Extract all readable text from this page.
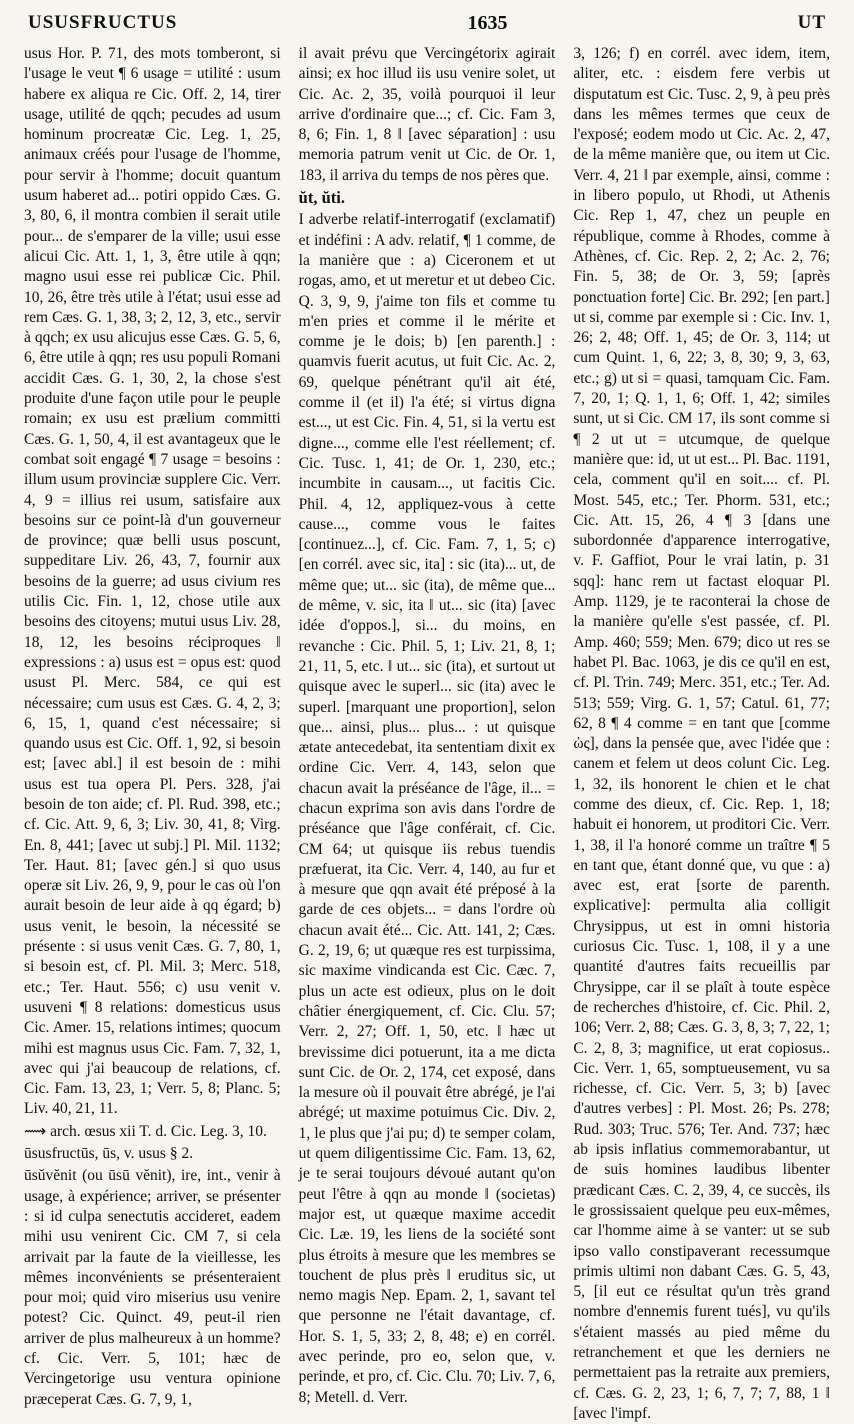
USUSFRUCTUS	1635	UT

usus Hor. P. 71, des mots tomberont, si l'usage le veut ¶ 6 usage = utilité : usum habere ex aliqua re Cic. Off. 2, 14, tirer usage, utilité de qqch; pecudes ad usum hominum procreatæ Cic. Leg. 1, 25, animaux créés pour l'usage de l'homme, pour servir à l'homme; docuit quantum usum haberet ad... potiri oppido Cæs. G. 3, 80, 6, il montra combien il serait utile pour... de s'emparer de la ville; usui esse alicui Cic. Att. 1, 1, 3, être utile à qqn; magno usui esse rei publicæ Cic. Phil. 10, 26, être très utile à l'état; usui esse ad rem Cæs. G. 1, 38, 3; 2, 12, 3, etc., servir à qqch; ex usu alicujus esse Cæs. G. 5, 6, 6, être utile à qqn; res usu populi Romani accidit Cæs. G. 1, 30, 2, la chose s'est produite d'une façon utile pour le peuple romain; ex usu est prælium committi Cæs. G. 1, 50, 4, il est avantageux que le combat soit engagé ¶ 7 usage = besoins : illum usum provinciæ supplere Cic. Verr. 4, 9 = illius rei usum, satisfaire aux besoins sur ce point-là d'un gouverneur de province; quæ belli usus poscunt, suppeditare Liv. 26, 43, 7, fournir aux besoins de la guerre; ad usus civium res utilis Cic. Fin. 1, 12, chose utile aux besoins des citoyens; mutui usus Liv. 28, 18, 12, les besoins réciproques ‖ expressions : a) usus est = opus est: quod usust Pl. Merc. 584, ce qui est nécessaire; cum usus est Cæs. G. 4, 2, 3; 6, 15, 1, quand c'est nécessaire; si quando usus est Cic. Off. 1, 92, si besoin est; [avec abl.] il est besoin de : mihi usus est tua opera Pl. Pers. 328, j'ai besoin de ton aide; cf. Pl. Rud. 398, etc.; cf. Cic. Att. 9, 6, 3; Liv. 30, 41, 8; Virg. En. 8, 441; [avec ut subj.] Pl. Mil. 1132; Ter. Haut. 81; [avec gén.] si quo usus operæ sit Liv. 26, 9, 9, pour le cas où l'on aurait besoin de leur aide à qq égard; b) usus venit, le besoin, la nécessité se présente : si usus venit Cæs. G. 7, 80, 1, si besoin est, cf. Pl. Mil. 3; Merc. 518, etc.; Ter. Haut. 556; c) usu venit v. usuveni ¶ 8 relations: domesticus usus Cic. Amer. 15, relations intimes; quocum mihi est magnus usus Cic. Fam. 7, 32, 1, avec qui j'ai beaucoup de relations, cf. Cic. Fam. 13, 23, 1; Verr. 5, 8; Planc. 5; Liv. 40, 21, 11.

⟿ arch. œsus xii T. d. Cic. Leg. 3, 10.

ūsusfructūs, ūs, v. usus § 2.

ūsŭvĕnit (ou ūsū vĕnit), ire, int., venir à usage, à expérience; arriver, se présenter : si id culpa senectutis accideret, eadem mihi usu venirent Cic. CM 7, si cela arrivait par la faute de la vieillesse, les mêmes inconvénients se présenteraient pour moi; quid viro miserius usu venire potest? Cic. Quinct. 49, peut-il rien arriver de plus malheureux à un homme? cf. Cic. Verr. 5, 101; hæc de Vercingetorige usu ventura opinione præceperat Cæs. G. 7, 9, 1,

il avait prévu que Vercingétorix agirait ainsi; ex hoc illud iis usu venire solet, ut Cic. Ac. 2, 35, voilà pourquoi il leur arrive d'ordinaire que...; cf. Cic. Fam 3, 8, 6; Fin. 1, 8 ‖ [avec séparation] : usu memoria patrum venit ut Cic. de Or. 1, 183, il arriva du temps de nos pères que.

ŭt, ŭti.

I adverbe relatif-interrogatif (exclamatif) et indéfini : A adv. relatif, ¶ 1 comme, de la manière que : a) Ciceronem et ut rogas, amo, et ut meretur et ut debeo Cic. Q. 3, 9, 9, j'aime ton fils et comme tu m'en pries et comme il le mérite et comme je le dois; b) [en parenth.] : quamvis fuerit acutus, ut fuit Cic. Ac. 2, 69, quelque pénétrant qu'il ait été, comme il (et il) l'a été; si virtus digna est..., ut est Cic. Fin. 4, 51, si la vertu est digne..., comme elle l'est réellement; cf. Cic. Tusc. 1, 41; de Or. 1, 230, etc.; incumbite in causam..., ut facitis Cic. Phil. 4, 12, appliquez-vous à cette cause..., comme vous le faites [continuez...], cf. Cic. Fam. 7, 1, 5; c) [en corrél. avec sic, ita] : sic (ita)... ut, de même que; ut... sic (ita), de même que... de même, v. sic, ita ‖ ut... sic (ita) [avec idée d'oppos.], si... du moins, en revanche : Cic. Phil. 5, 1; Liv. 21, 8, 1; 21, 11, 5, etc. ‖ ut... sic (ita), et surtout ut quisque avec le superl... sic (ita) avec le superl. [marquant une proportion], selon que... ainsi, plus... plus... : ut quisque ætate antecedebat, ita sententiam dixit ex ordine Cic. Verr. 4, 143, selon que chacun avait la préséance de l'âge, il... = chacun exprima son avis dans l'ordre de préséance que l'âge conférait, cf. Cic. CM 64; ut quisque iis rebus tuendis præfuerat, ita Cic. Verr. 4, 140, au fur et à mesure que qqn avait été préposé à la garde de ces objets... = dans l'ordre où chacun avait été... Cic. Att. 141, 2; Cæs. G. 2, 19, 6; ut quæque res est turpissima, sic maxime vindicanda est Cic. Cæc. 7, plus un acte est odieux, plus on le doit châtier énergiquement, cf. Cic. Clu. 57; Verr. 2, 27; Off. 1, 50, etc. ‖ hæc ut brevissime dici potuerunt, ita a me dicta sunt Cic. de Or. 2, 174, cet exposé, dans la mesure où il pouvait être abrégé, je l'ai abrégé; ut maxime potuimus Cic. Div. 2, 1, le plus que j'ai pu; d) te semper colam, ut quem diligentissime Cic. Fam. 13, 62, je te serai toujours dévoué autant qu'on peut l'être à qqn au monde ‖ (societas) major est, ut quæque maxime accedit Cic. Læ. 19, les liens de la société sont plus étroits à mesure que les membres se touchent de plus près ‖ eruditus sic, ut nemo magis Nep. Epam. 2, 1, savant tel que personne ne l'était davantage, cf. Hor. S. 1, 5, 33; 2, 8, 48; e) en corrél. avec perinde, pro eo, selon que, v. perinde, et pro, cf. Cic. Clu. 70; Liv. 7, 6, 8; Metell. d. Verr.

3, 126; f) en corrél. avec idem, item, aliter, etc. : eisdem fere verbis ut disputatum est Cic. Tusc. 2, 9, à peu près dans les mêmes termes que ceux de l'exposé; eodem modo ut Cic. Ac. 2, 47, de la même manière que, ou item ut Cic. Verr. 4, 21 ‖ par exemple, ainsi, comme : in libero populo, ut Rhodi, ut Athenis Cic. Rep 1, 47, chez un peuple en république, comme à Rhodes, comme à Athènes, cf. Cic. Rep. 2, 2; Ac. 2, 76; Fin. 5, 38; de Or. 3, 59; [après ponctuation forte] Cic. Br. 292; [en part.] ut si, comme par exemple si : Cic. Inv. 1, 26; 2, 48; Off. 1, 45; de Or. 3, 114; ut cum Quint. 1, 6, 22; 3, 8, 30; 9, 3, 63, etc.; g) ut si = quasi, tamquam Cic. Fam. 7, 20, 1; Q. 1, 1, 6; Off. 1, 42; similes sunt, ut si Cic. CM 17, ils sont comme si ¶ 2 ut ut = utcumque, de quelque manière que: id, ut ut est... Pl. Bac. 1191, cela, comment qu'il en soit.... cf. Pl. Most. 545, etc.; Ter. Phorm. 531, etc.; Cic. Att. 15, 26, 4 ¶ 3 [dans une subordonnée d'apparence interrogative, v. F. Gaffiot, Pour le vrai latin, p. 31 sqq]: hanc rem ut factast eloquar Pl. Amp. 1129, je te raconterai la chose de la manière qu'elle s'est passée, cf. Pl. Amp. 460; 559; Men. 679; dico ut res se habet Pl. Bac. 1063, je dis ce qu'il en est, cf. Pl. Trin. 749; Merc. 351, etc.; Ter. Ad. 513; 559; Virg. G. 1, 57; Catul. 61, 77; 62, 8 ¶ 4 comme = en tant que [comme ὡς], dans la pensée que, avec l'idée que : canem et felem ut deos colunt Cic. Leg. 1, 32, ils honorent le chien et le chat comme des dieux, cf. Cic. Rep. 1, 18; habuit ei honorem, ut proditori Cic. Verr. 1, 38, il l'a honoré comme un traître ¶ 5 en tant que, étant donné que, vu que : a) avec est, erat [sorte de parenth. explicative]: permulta alia colligit Chrysippus, ut est in omni historia curiosus Cic. Tusc. 1, 108, il y a une quantité d'autres faits recueillis par Chrysippe, car il se plaît à toute espèce de recherches d'histoire, cf. Cic. Phil. 2, 106; Verr. 2, 88; Cæs. G. 3, 8, 3; 7, 22, 1; C. 2, 8, 3; magnifice, ut erat copiosus.. Cic. Verr. 1, 65, somptueusement, vu sa richesse, cf. Cic. Verr. 5, 3; b) [avec d'autres verbes] : Pl. Most. 26; Ps. 278; Rud. 303; Truc. 576; Ter. And. 737; hæc ab ipsis inflatius commemorabantur, ut de suis homines laudibus libenter prædicant Cæs. C. 2, 39, 4, ce succès, ils le grossissaient quelque peu eux-mêmes, car l'homme aime à se vanter: ut se sub ipso vallo constipaverant recessumque primis ultimi non dabant Cæs. G. 5, 43, 5, [il eut ce résultat qu'un très grand nombre d'ennemis furent tués], vu qu'ils s'étaient massés au pied même du retranchement et que les derniers ne permettaient pas la retraite aux premiers, cf. Cæs. G. 2, 23, 1; 6, 7, 7; 7, 88, 1 ‖ [avec l'impf.
